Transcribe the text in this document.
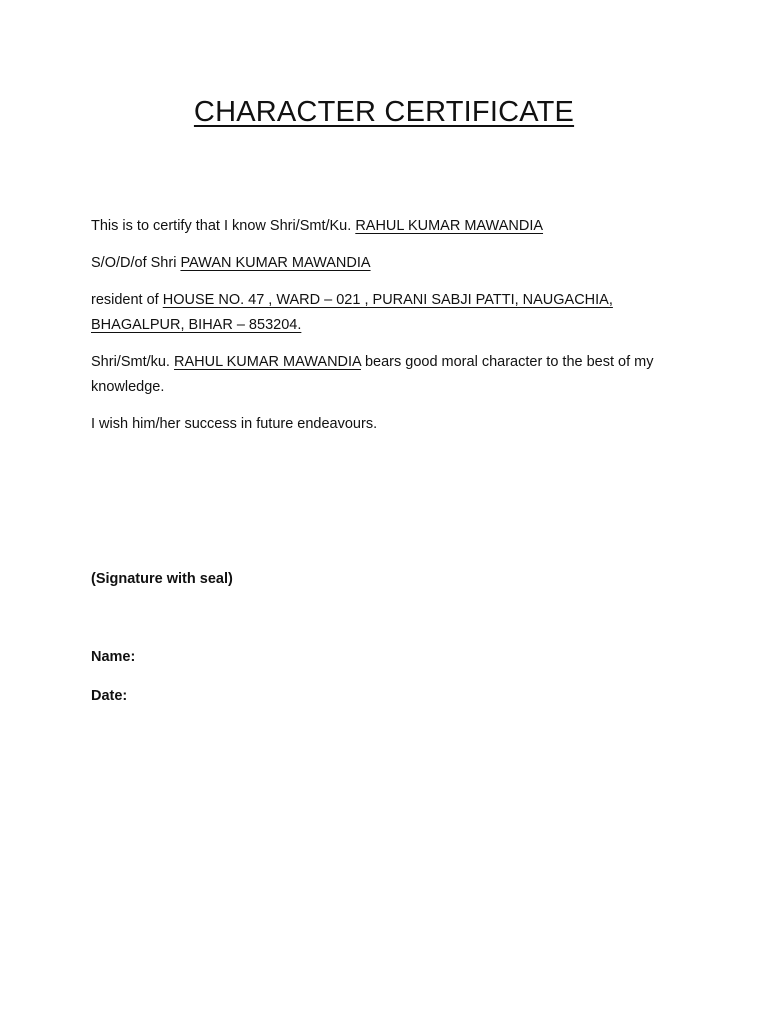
CHARACTER CERTIFICATE

This is to certify that I know Shri/Smt/Ku. RAHUL KUMAR MAWANDIA

S/O/D/of Shri PAWAN KUMAR MAWANDIA

resident of HOUSE NO. 47 , WARD – 021 , PURANI SABJI PATTI, NAUGACHIA, BHAGALPUR, BIHAR – 853204.

Shri/Smt/ku. RAHUL KUMAR MAWANDIA bears good moral character to the best of my knowledge.

I wish him/her success in future endeavours.

(Signature with seal)

Name:

Date:
